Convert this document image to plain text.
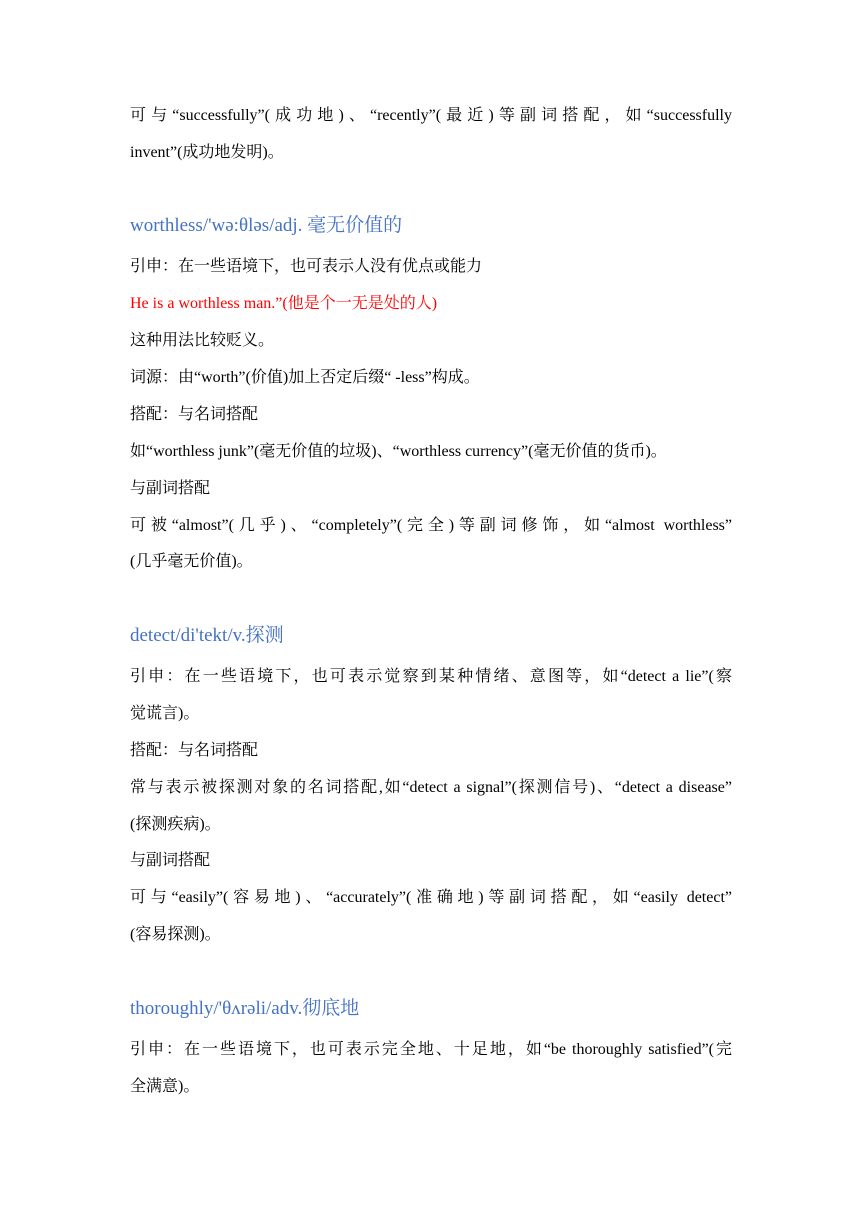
可与“successfully”(成功地)、“recently”(最近)等副词搭配，如“successfully
invent”(成功地发明)。
worthless/'wə:θləs/adj. 毫无价值的
引申：在一些语境下，也可表示人没有优点或能力
He is a worthless man.”(他是个一无是处的人)
这种用法比较贬义。
词源：由“worth”(价值)加上否定后缀“ -less”构成。
搭配：与名词搭配
如“worthless junk”(毫无价值的垃圾)、“worthless currency”(毫无价值的货币)。
与副词搭配
可被“almost”(几乎)、“completely”(完全)等副词修饰，如“almost worthless”
(几乎毫无价值)。
detect/di'tekt/v.探测
引申：在一些语境下，也可表示觉察到某种情绪、意图等，如“detect a lie”(察
觉谎言)。
搭配：与名词搭配
常与表示被探测对象的名词搭配,如“detect a signal”(探测信号)、“detect a disease”
(探测疾病)。
与副词搭配
可与“easily”(容易地)、“accurately”(准确地)等副词搭配，如“easily detect”
(容易探测)。
thoroughly/'θʌrəli/adv.彻底地
引申：在一些语境下，也可表示完全地、十足地，如“be thoroughly satisfied”(完
全满意)。
